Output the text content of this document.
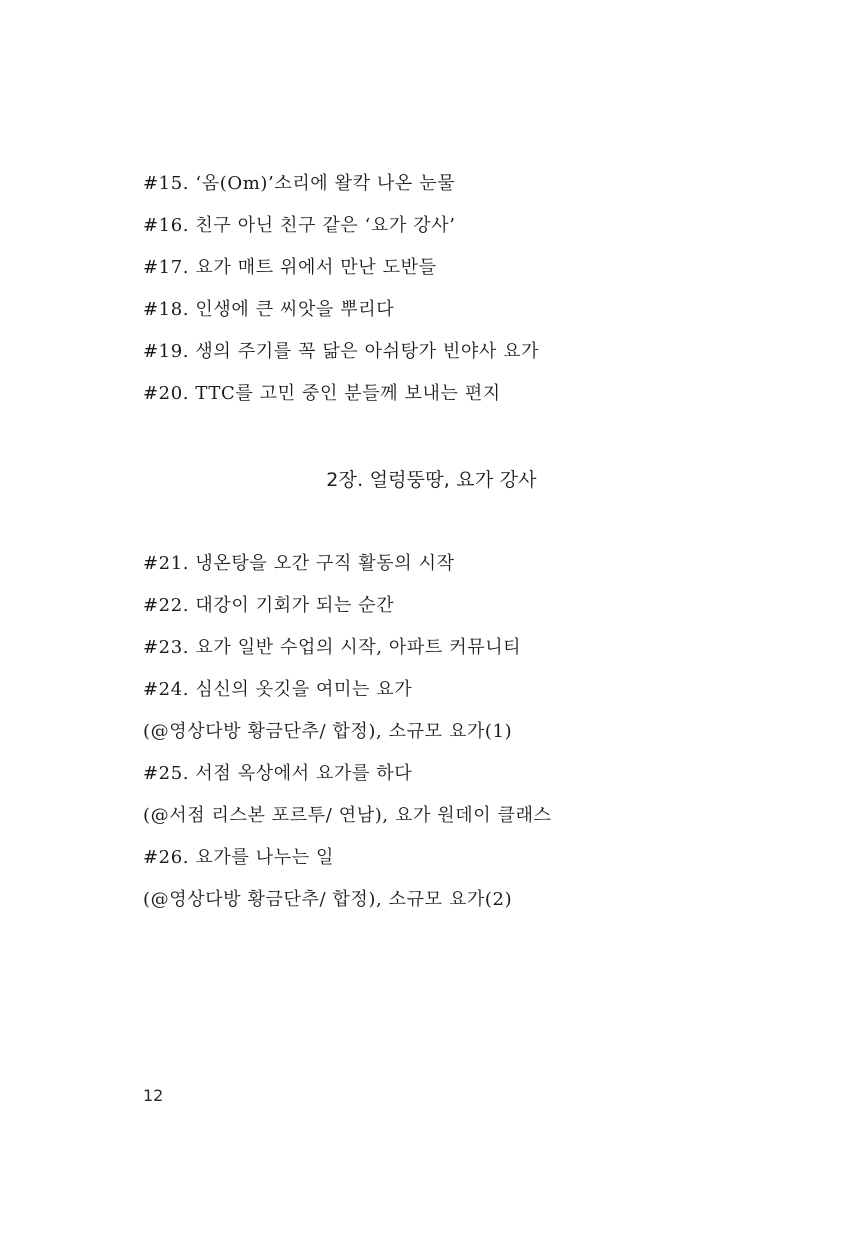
#15. ‘옴(Om)’소리에 왈칵 나온 눈물
#16. 친구 아닌 친구 같은 ‘요가 강사’
#17. 요가 매트 위에서 만난 도반들
#18. 인생에 큰 씨앗을 뿌리다
#19. 생의 주기를 꼭 닮은 아쉬탕가 빈야사 요가
#20. TTC를 고민 중인 분들께 보내는 편지
2장. 얼렁뚱땅, 요가 강사
#21. 냉온탕을 오간 구직 활동의 시작
#22. 대강이 기회가 되는 순간
#23. 요가 일반 수업의 시작, 아파트 커뮤니티
#24. 심신의 옷깃을 여미는 요가
(@영상다방 황금단추/ 합정), 소규모 요가(1)
#25. 서점 옥상에서 요가를 하다
(@서점 리스본 포르투/ 연남), 요가 원데이 클래스
#26. 요가를 나누는 일
(@영상다방 황금단추/ 합정), 소규모 요가(2)
12
